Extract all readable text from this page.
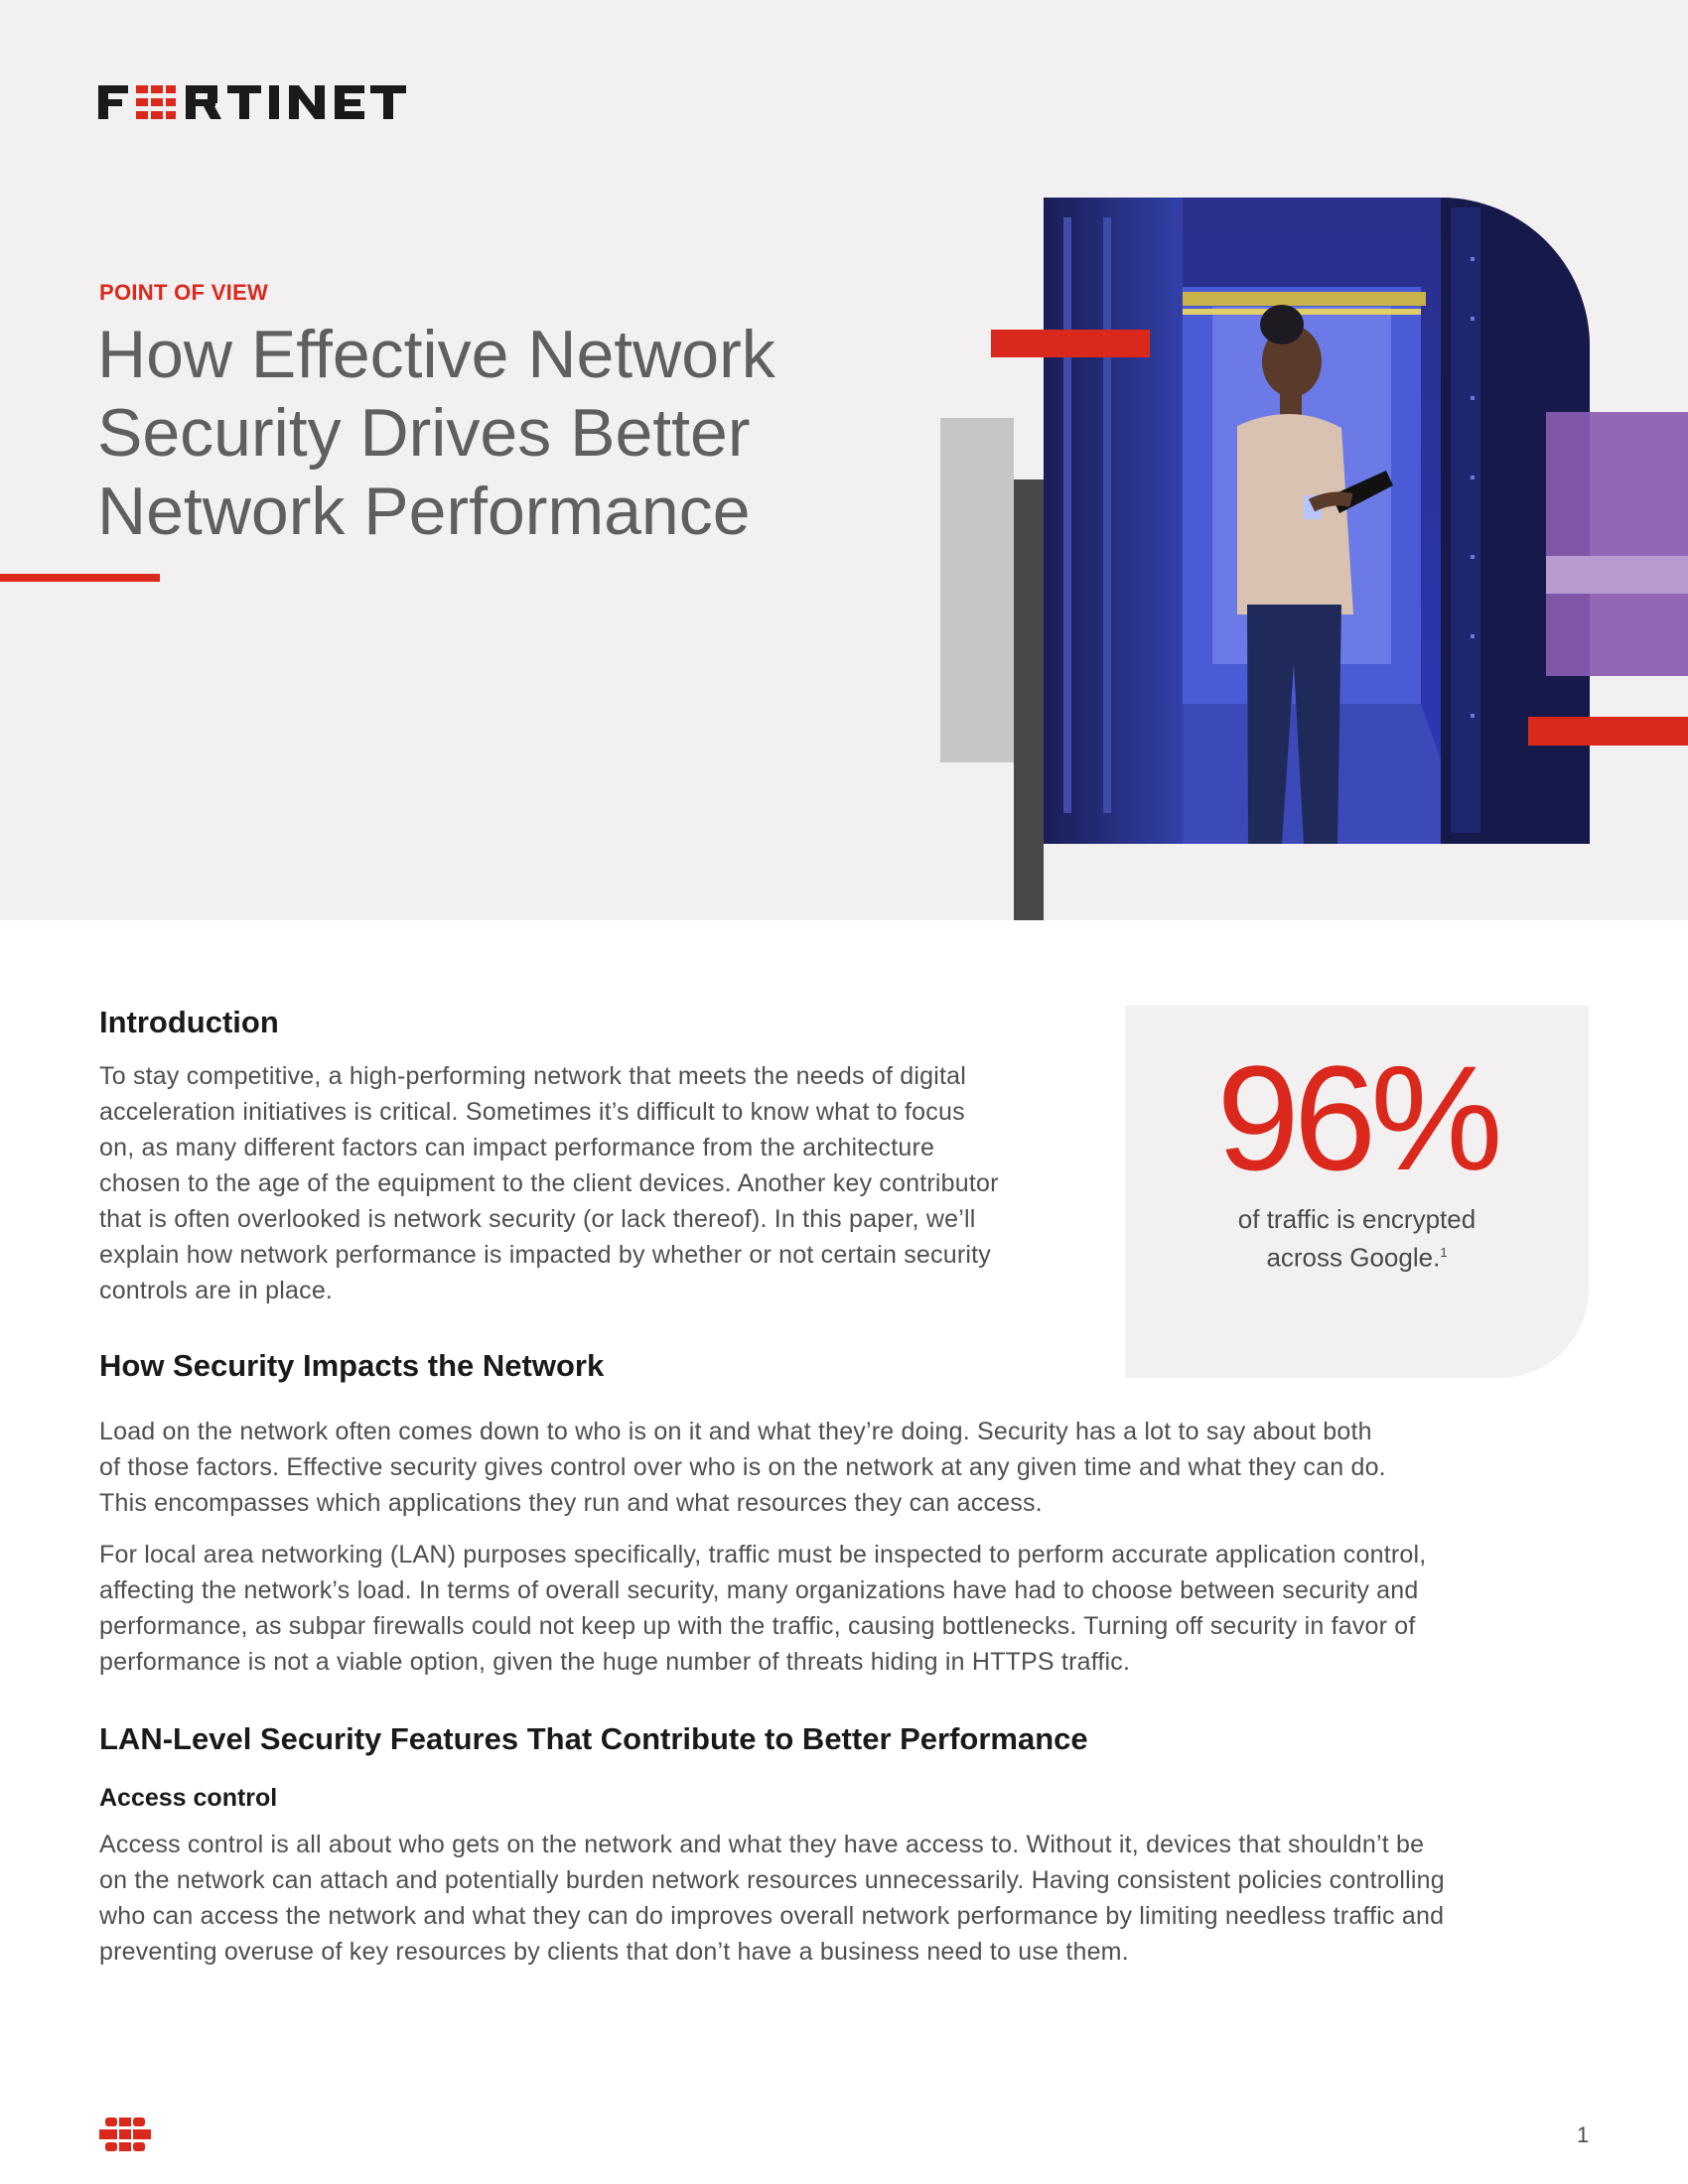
POINT OF VIEW
How Effective Network
Security Drives Better
Network Performance
96%
of traffic is encrypted
across Google.$^1$
Introduction

To stay competitive, a high-performing network that meets the needs of digital

acceleration initiatives is critical. Sometimes it’s difficult to know what to focus

on, as many different factors can impact performance from the architecture

chosen to the age of the equipment to the client devices. Another key contributor

that is often overlooked is network security (or lack thereof). In this paper, we’ll

explain how network performance is impacted by whether or not certain security

controls are in place.

How Security Impacts the Network

Load on the network often comes down to who is on it and what they’re doing. Security has a lot to say about both

of those factors. Effective security gives control over who is on the network at any given time and what they can do.

This encompasses which applications they run and what resources they can access.

For local area networking (LAN) purposes specifically, traffic must be inspected to perform accurate application control,

affecting the network’s load. In terms of overall security, many organizations have had to choose between security and

performance, as subpar firewalls could not keep up with the traffic, causing bottlenecks. Turning off security in favor of

performance is not a viable option, given the huge number of threats hiding in HTTPS traffic.

LAN-Level Security Features That Contribute to Better Performance
Access control

Access control is all about who gets on the network and what they have access to. Without it, devices that shouldn’t be

on the network can attach and potentially burden network resources unnecessarily. Having consistent policies controlling

who can access the network and what they can do improves overall network performance by limiting needless traffic and

preventing overuse of key resources by clients that don’t have a business need to use them.

1
